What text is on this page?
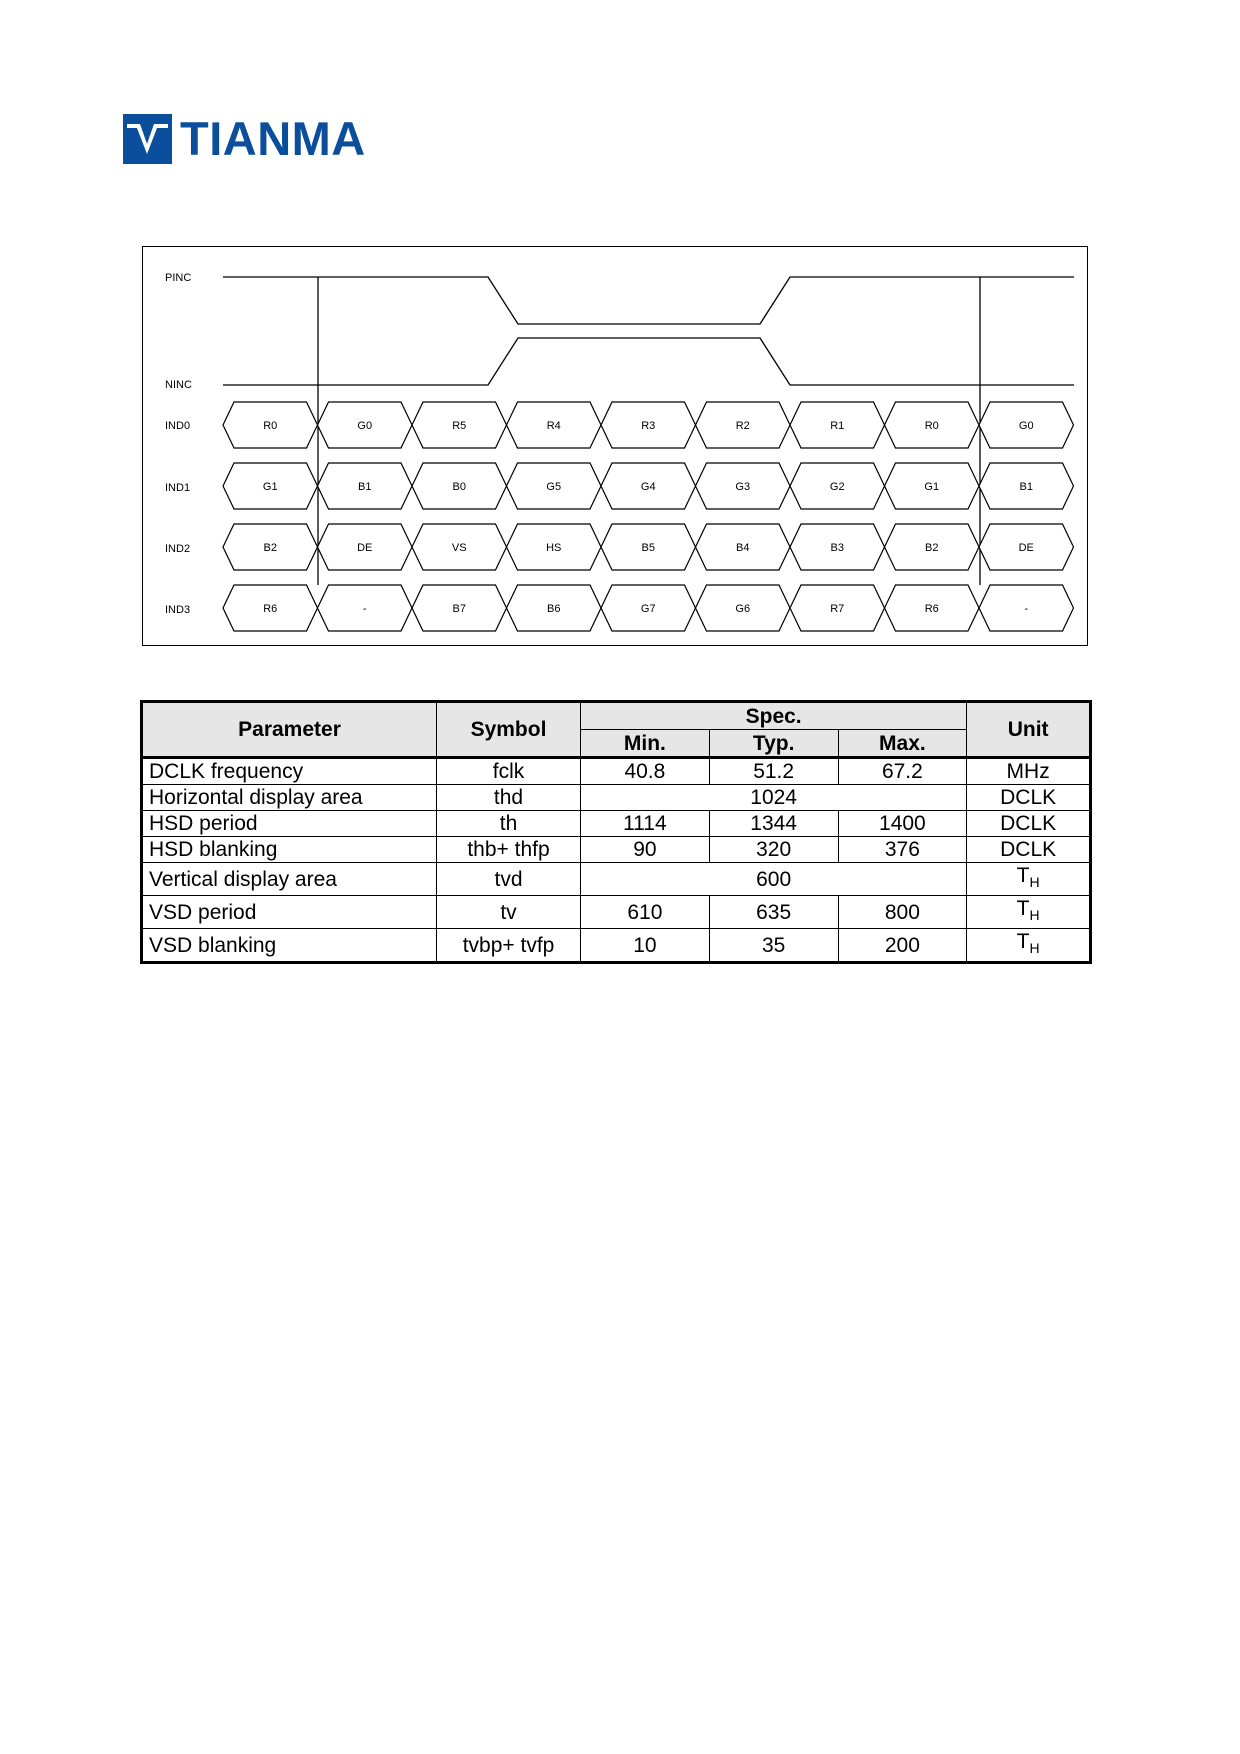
TIANMA
PINC
NINC
IND0
IND1
IND2
IND3
R0	G0	R5	R4	R3	R2	R1	R0	G0
G1	B1	B0	G5	G4	G3	G2	G1	B1
B2	DE	VS	HS	B5	B4	B3	B2	DE
R6	-	B7	B6	G7	G6	R7	R6	-
Parameter	Symbol	Spec.			Unit
		Min.	Typ.	Max.	
DCLK frequency	fclk	40.8	51.2	67.2	MHz
Horizontal display area	thd	1024			DCLK
HSD period	th	1114	1344	1400	DCLK
HSD blanking	thb+ thfp	90	320	376	DCLK
Vertical display area	tvd	600			$T_H$
VSD period	tv	610	635	800	$T_H$
VSD blanking	tvbp+ tvfp	10	35	200	$T_H$
